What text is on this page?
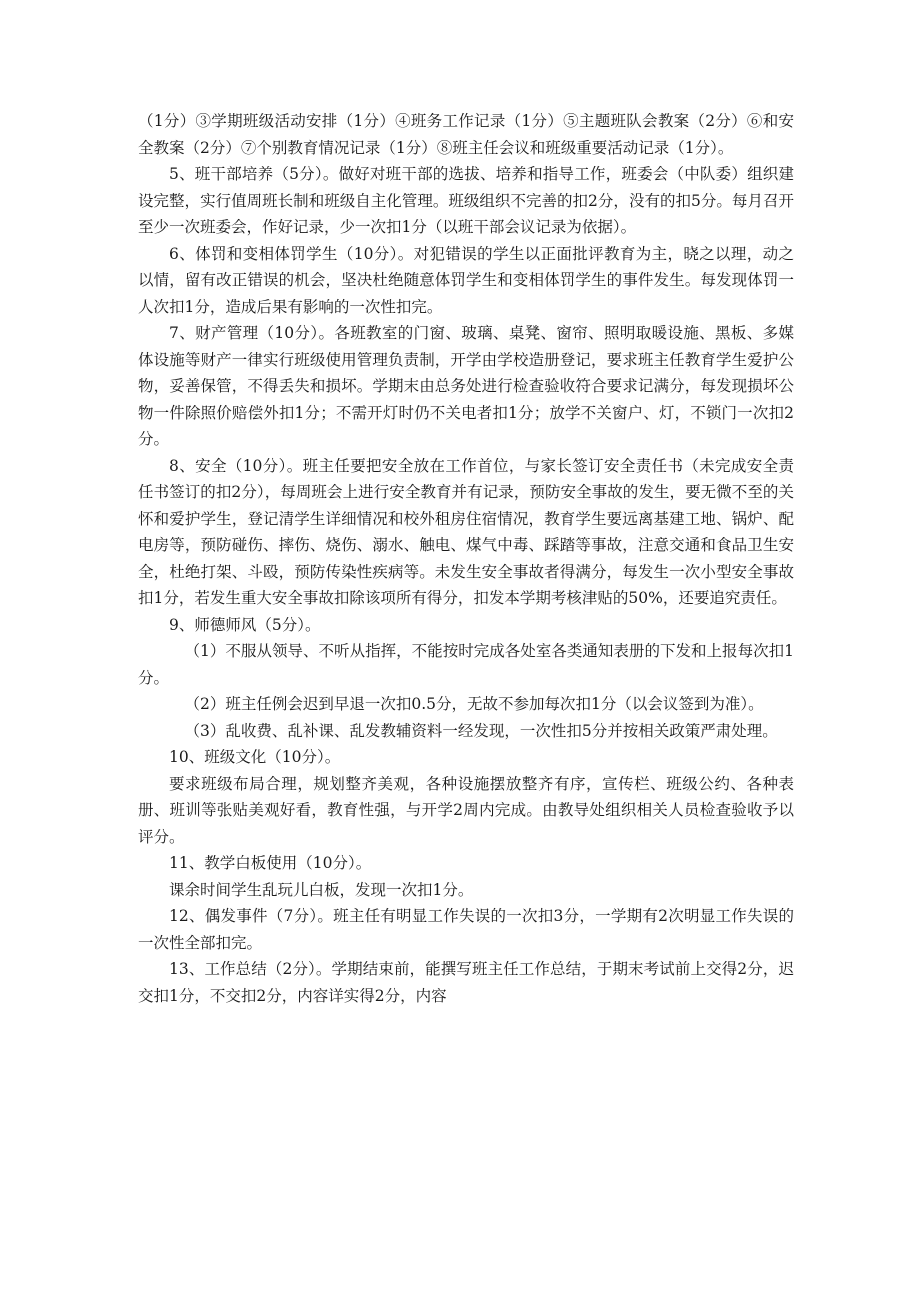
（1分）③学期班级活动安排（1分）④班务工作记录（1分）⑤主题班队会教案（2分）⑥和安全教案（2分）⑦个别教育情况记录（1分）⑧班主任会议和班级重要活动记录（1分）。

5、班干部培养（5分）。做好对班干部的选拔、培养和指导工作，班委会（中队委）组织建设完整，实行值周班长制和班级自主化管理。班级组织不完善的扣2分，没有的扣5分。每月召开至少一次班委会，作好记录，少一次扣1分（以班干部会议记录为依据）。

6、体罚和变相体罚学生（10分）。对犯错误的学生以正面批评教育为主，晓之以理，动之以情，留有改正错误的机会，坚决杜绝随意体罚学生和变相体罚学生的事件发生。每发现体罚一人次扣1分，造成后果有影响的一次性扣完。

7、财产管理（10分）。各班教室的门窗、玻璃、桌凳、窗帘、照明取暖设施、黑板、多媒体设施等财产一律实行班级使用管理负责制，开学由学校造册登记，要求班主任教育学生爱护公物，妥善保管，不得丢失和损坏。学期末由总务处进行检查验收符合要求记满分，每发现损坏公物一件除照价赔偿外扣1分；不需开灯时仍不关电者扣1分；放学不关窗户、灯，不锁门一次扣2分。

8、安全（10分）。班主任要把安全放在工作首位，与家长签订安全责任书（未完成安全责任书签订的扣2分），每周班会上进行安全教育并有记录，预防安全事故的发生，要无微不至的关怀和爱护学生，登记清学生详细情况和校外租房住宿情况，教育学生要远离基建工地、锅炉、配电房等，预防碰伤、摔伤、烧伤、溺水、触电、煤气中毒、踩踏等事故，注意交通和食品卫生安全，杜绝打架、斗殴，预防传染性疾病等。未发生安全事故者得满分，每发生一次小型安全事故扣1分，若发生重大安全事故扣除该项所有得分，扣发本学期考核津贴的50%，还要追究责任。

9、师德师风（5分）。

（1）不服从领导、不听从指挥，不能按时完成各处室各类通知表册的下发和上报每次扣1分。

（2）班主任例会迟到早退一次扣0.5分，无故不参加每次扣1分（以会议签到为准）。

（3）乱收费、乱补课、乱发教辅资料一经发现，一次性扣5分并按相关政策严肃处理。

10、班级文化（10分）。

要求班级布局合理，规划整齐美观，各种设施摆放整齐有序，宣传栏、班级公约、各种表册、班训等张贴美观好看，教育性强，与开学2周内完成。由教导处组织相关人员检查验收予以评分。

11、教学白板使用（10分）。

课余时间学生乱玩儿白板，发现一次扣1分。

12、偶发事件（7分）。班主任有明显工作失误的一次扣3分，一学期有2次明显工作失误的一次性全部扣完。

13、工作总结（2分）。学期结束前，能撰写班主任工作总结，于期末考试前上交得2分，迟交扣1分，不交扣2分，内容详实得2分，内容
